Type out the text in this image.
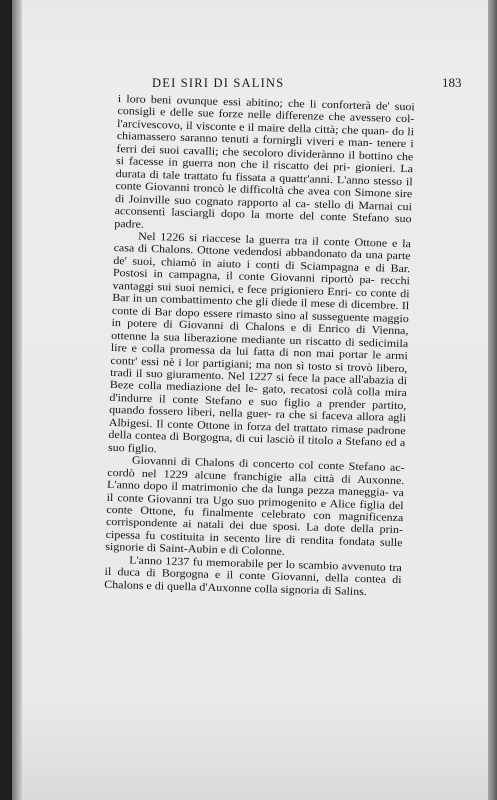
DEI SIRI DI SALINS	183

i loro beni ovunque essi abitino; che li conforterà de' suoi consigli e delle sue forze nelle differenze che avessero col- l'arcivescovo, il visconte e il maire della città; che quan- do li chiamassero saranno tenuti a fornirgli viveri e man- tenere i ferri dei suoi cavalli; che secoloro dividerànno il bottino che si facesse in guerra non che il riscatto dei pri- gionieri. La durata di tale trattato fu fissata a quattr'anni. L'anno stesso il conte Giovanni troncò le difficoltà che avea con Simone sire di Joinville suo cognato rapporto al ca- stello di Marnai cui acconsentì lasciargli dopo la morte del conte Stefano suo padre.

Nel 1226 si riaccese la guerra tra il conte Ottone e la casa di Chalons. Ottone vedendosi abbandonato da una parte de' suoi, chiamò in aiuto i conti di Sciampagna e di Bar. Postosi in campagna, il conte Giovanni riportò pa- recchi vantaggi sui suoi nemici, e fece prigioniero Enri- co conte di Bar in un combattimento che gli diede il mese di dicembre. Il conte di Bar dopo essere rimasto sino al susseguente maggio in potere di Giovanni di Chalons e di Enrico di Vienna, ottenne la sua liberazione mediante un riscatto di sedicimila lire e colla promessa da lui fatta di non mai portar le armi contr' essi nè i lor partigiani; ma non sì tosto si trovò libero, tradì il suo giuramento. Nel 1227 si fece la pace all'abazia di Beze colla mediazione del le- gato, recatosi colà colla mira d'indurre il conte Stefano e suo figlio a prender partito, quando fossero liberi, nella guer- ra che si faceva allora agli Albigesi. Il conte Ottone in forza del trattato rimase padrone della contea di Borgogna, di cui lasciò il titolo a Stefano ed a suo figlio.

Giovanni di Chalons di concerto col conte Stefano ac- cordò nel 1229 alcune franchigie alla città di Auxonne. L'anno dopo il matrimonio che da lunga pezza maneggia- va il conte Giovanni tra Ugo suo primogenito e Alice figlia del conte Ottone, fu finalmente celebrato con magnificenza corrispondente ai natali dei due sposi. La dote della prin- cipessa fu costituita in secento lire di rendita fondata sulle signorie di Saint-Aubin e di Colonne.

L'anno 1237 fu memorabile per lo scambio avvenuto tra il duca di Borgogna e il conte Giovanni, della contea di Chalons e di quella d'Auxonne colla signoria di Salins.
